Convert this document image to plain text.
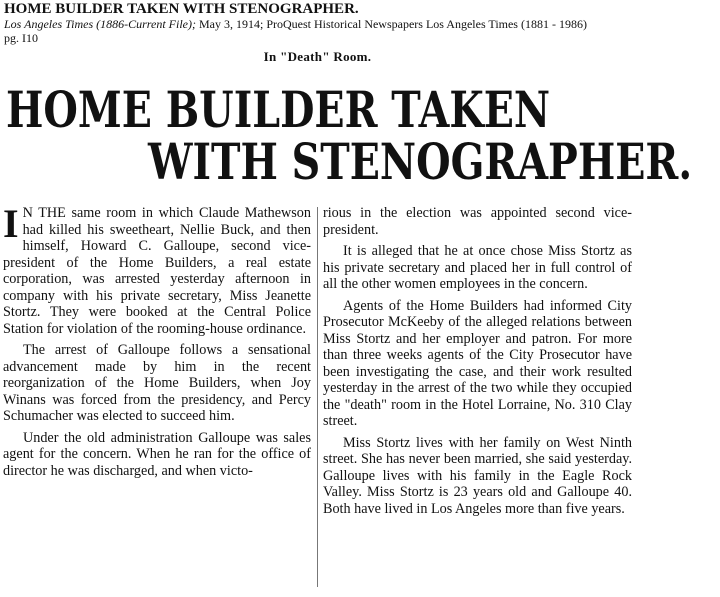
HOME BUILDER TAKEN WITH STENOGRAPHER.
Los Angeles Times (1886-Current File); May 3, 1914; ProQuest Historical Newspapers Los Angeles Times (1881 - 1986)
pg. I10
In "Death" Room.
HOME BUILDER TAKEN
WITH STENOGRAPHER.

I N THE same room in which Claude Mathewson had killed his sweetheart, Nellie Buck, and then himself, Howard C. Galloupe, second vice-president of the Home Builders, a real estate corporation, was arrested yesterday afternoon in company with his private secretary, Miss Jeanette Stortz. They were booked at the Central Police Station for violation of the rooming-house ordinance.

The arrest of Galloupe follows a sensational advancement made by him in the recent reorganization of the Home Builders, when Joy Winans was forced from the presidency, and Percy Schumacher was elected to succeed him.

Under the old administration Galloupe was sales agent for the concern. When he ran for the office of director he was discharged, and when victo-

rious in the election was appointed second vice-president.

It is alleged that he at once chose Miss Stortz as his private secretary and placed her in full control of all the other women employees in the concern.

Agents of the Home Builders had informed City Prosecutor McKeeby of the alleged relations between Miss Stortz and her employer and patron. For more than three weeks agents of the City Prosecutor have been investigating the case, and their work resulted yesterday in the arrest of the two while they occupied the "death" room in the Hotel Lorraine, No. 310 Clay street.

Miss Stortz lives with her family on West Ninth street. She has never been married, she said yesterday. Galloupe lives with his family in the Eagle Rock Valley. Miss Stortz is 23 years old and Galloupe 40. Both have lived in Los Angeles more than five years.
